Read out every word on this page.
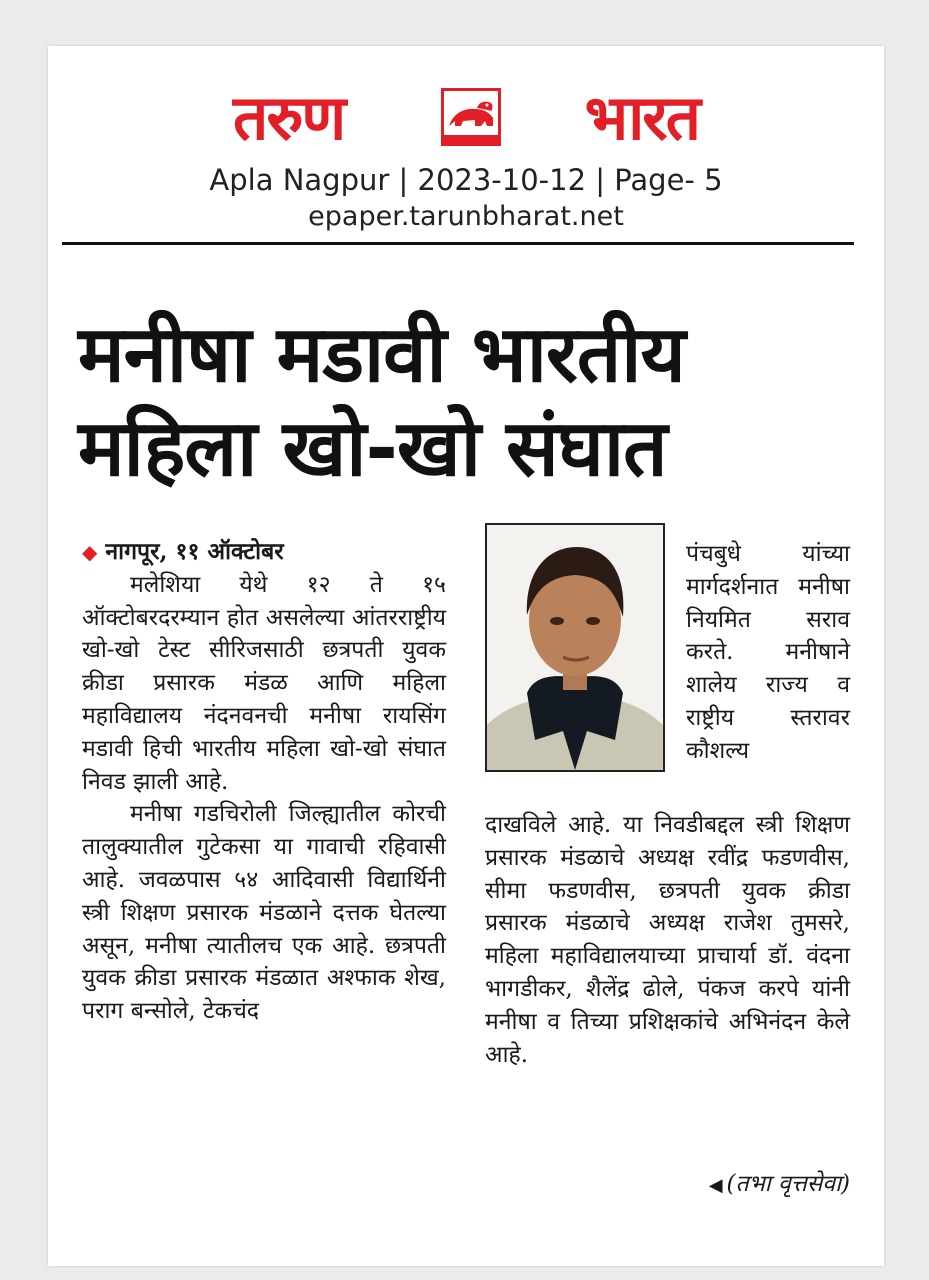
तरुण	भारत
Apla Nagpur | 2023-10-12 | Page- 5
epaper.tarunbharat.net
मनीषा मडावी भारतीय
महिला खो-खो संघात
◆ नागपूर, ११ ऑक्टोबर

मलेशिया येथे १२ ते १५ ऑक्टोबरदरम्यान होत असलेल्या आंतरराष्ट्रीय खो-खो टेस्ट सीरिजसाठी छत्रपती युवक क्रीडा प्रसारक मंडळ आणि महिला महाविद्यालय नंदनवनची मनीषा रायसिंग मडावी हिची भारतीय महिला खो-खो संघात निवड झाली आहे.

मनीषा गडचिरोली जिल्ह्यातील कोरची तालुक्यातील गुटेकसा या गावाची रहिवासी आहे. जवळपास ५४ आदिवासी विद्यार्थिनी स्त्री शिक्षण प्रसारक मंडळाने दत्तक घेतल्या असून, मनीषा त्यातीलच एक आहे. छत्रपती युवक क्रीडा प्रसारक मंडळात अश्फाक शेख, पराग बन्सोले, टेकचंद

पंचबुधे यांच्या मार्गदर्शनात मनीषा नियमित सराव करते. मनीषाने शालेय राज्य व राष्ट्रीय स्तरावर कौशल्य
दाखविले आहे. या निवडीबद्दल स्त्री शिक्षण प्रसारक मंडळाचे अध्यक्ष रवींद्र फडणवीस, सीमा फडणवीस, छत्रपती युवक क्रीडा प्रसारक मंडळाचे अध्यक्ष राजेश तुमसरे, महिला महाविद्यालयाच्या प्राचार्या डॉ. वंदना भागडीकर, शैलेंद्र ढोले, पंकज करपे यांनी मनीषा व तिच्या प्रशिक्षकांचे अभिनंदन केले आहे.
◀ (तभा वृत्तसेवा)
